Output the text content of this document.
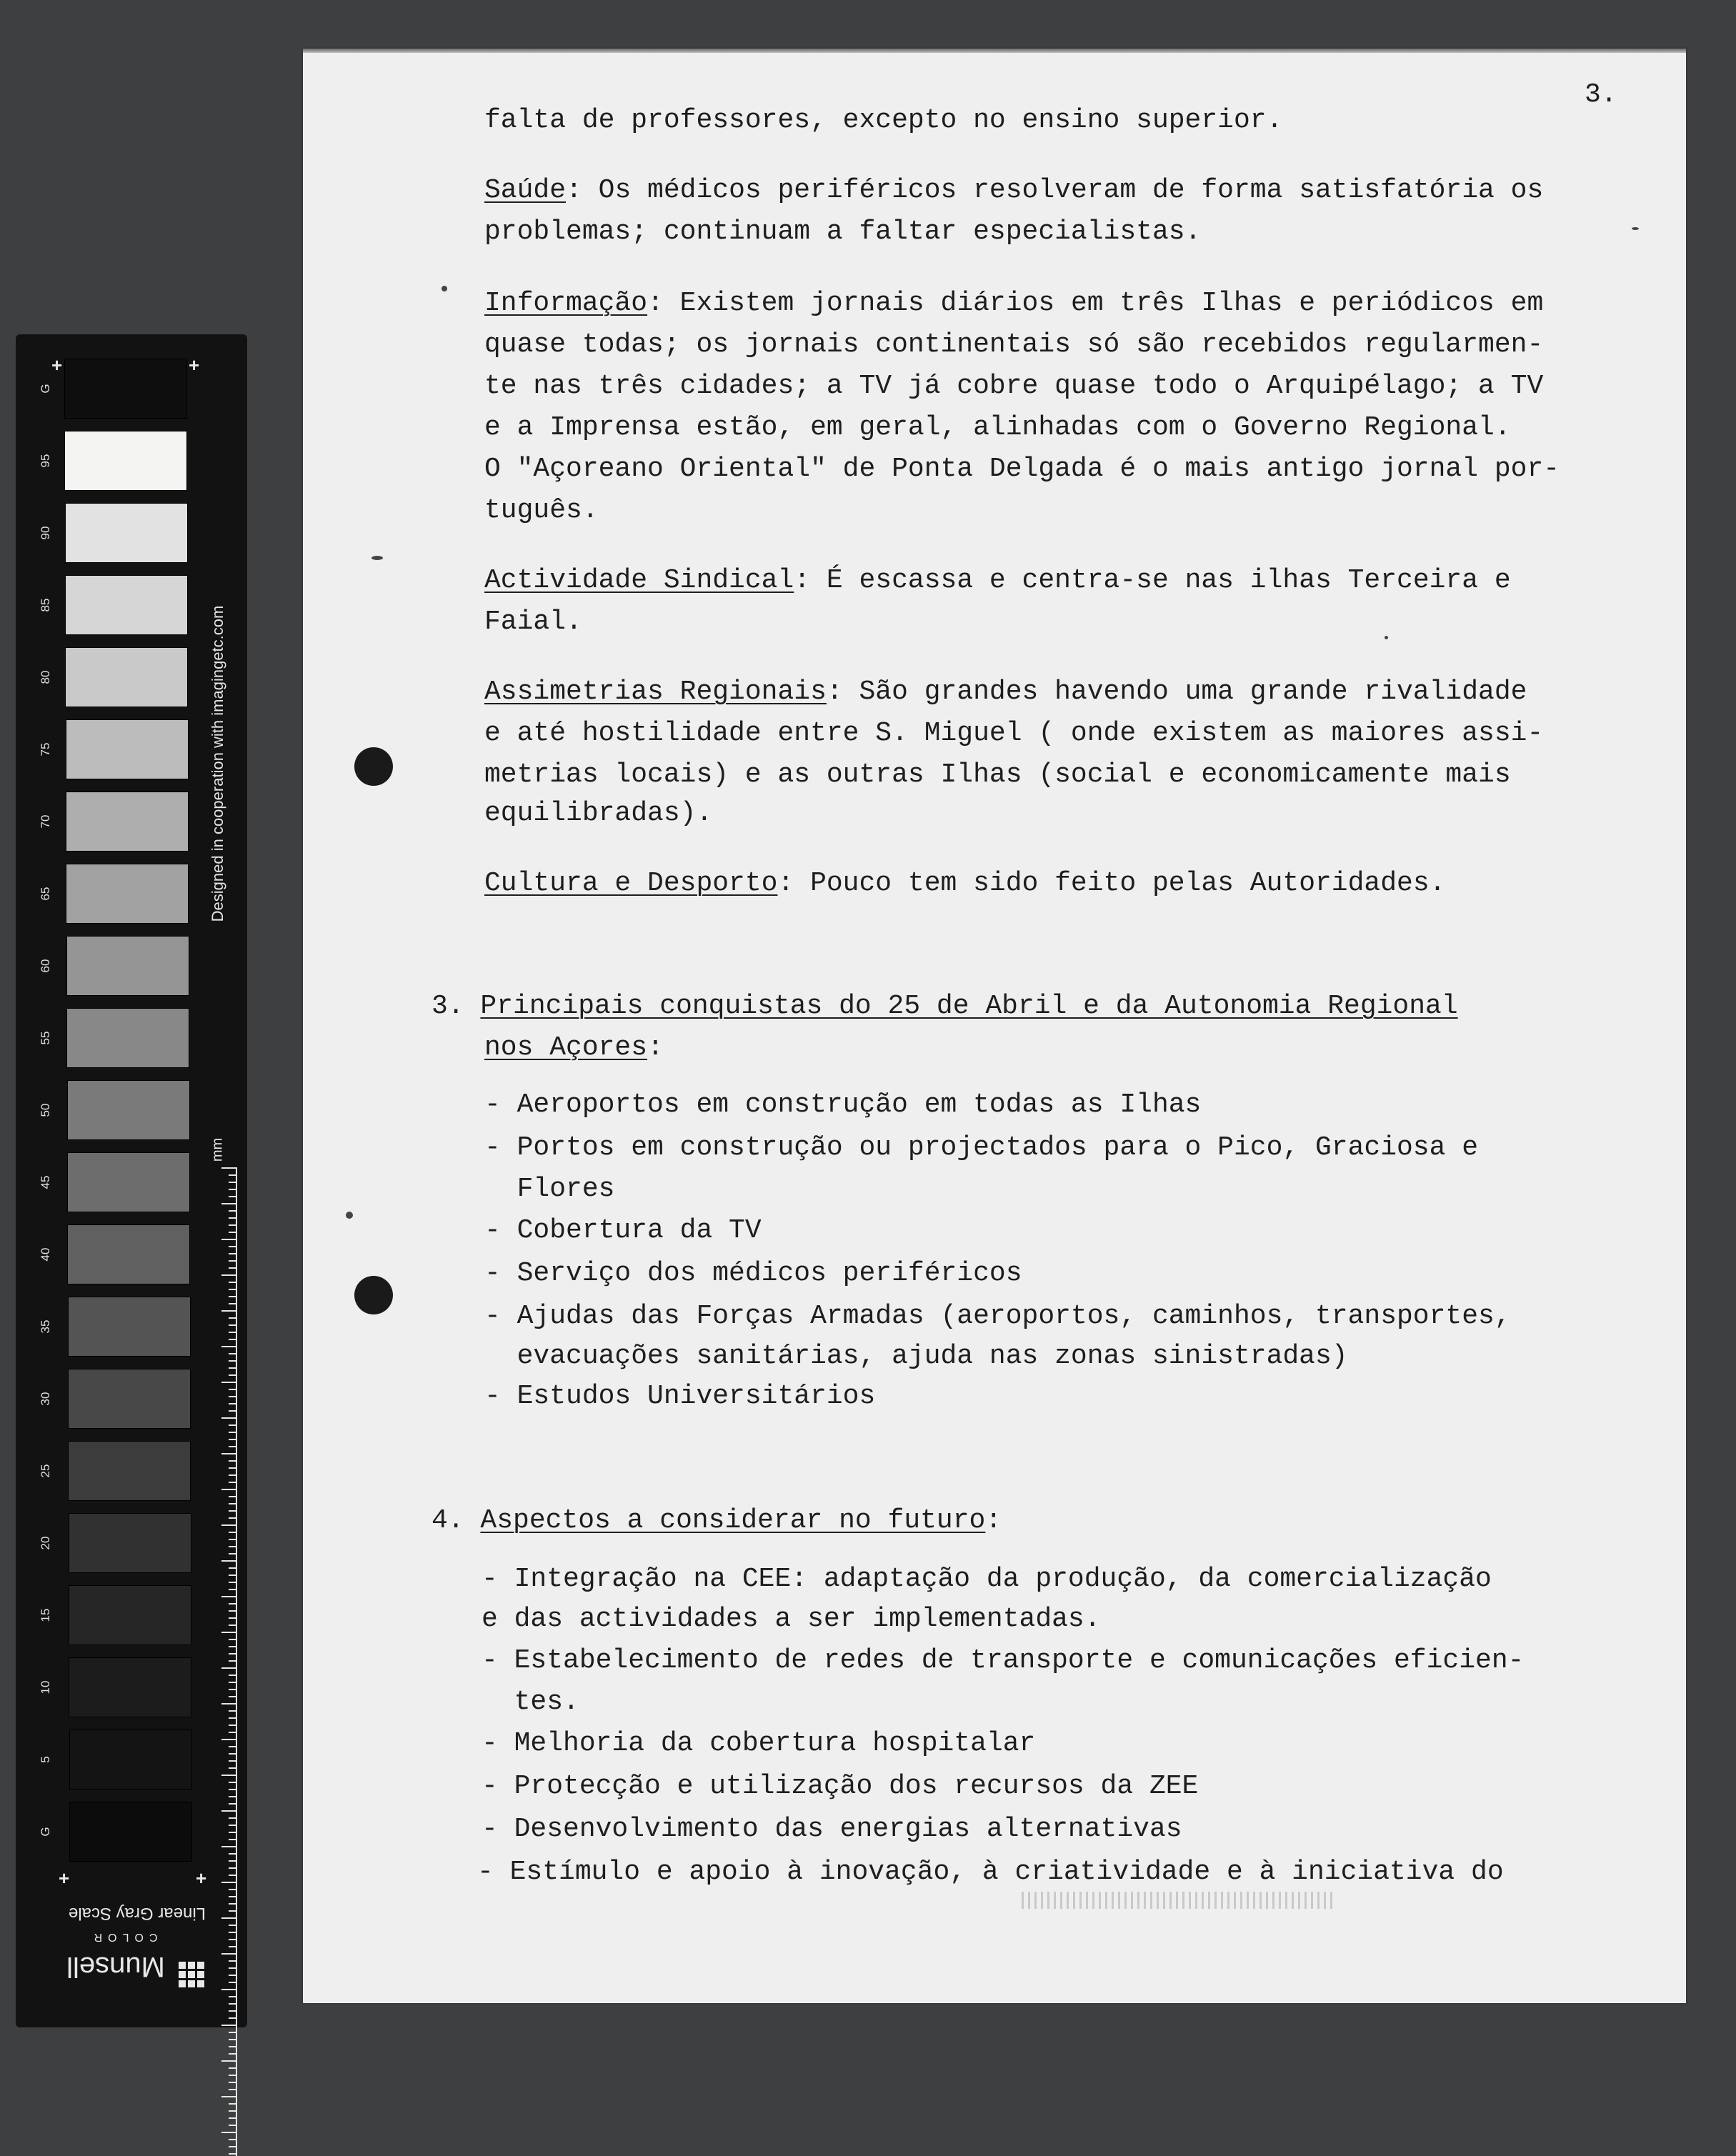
+	+
G
95
90
85
80
75
70
65
60
55
50
45
40
35
30
25
20
15
10
5
G
Designed in cooperation with imagingetc.com
mm
+	+
Linear Gray Scale
COLOR
Munsell
3.
falta de professores, excepto no ensino superior.
Saúde: Os médicos periféricos resolveram de forma satisfatória os
problemas; continuam a faltar especialistas.
Informação: Existem jornais diários em três Ilhas e periódicos em
quase todas; os jornais continentais só são recebidos regularmen-
te nas três cidades; a TV já cobre quase todo o Arquipélago; a TV
e a Imprensa estão, em geral, alinhadas com o Governo Regional.
O "Açoreano Oriental" de Ponta Delgada é o mais antigo jornal por-
tuguês.
Actividade Sindical: É escassa e centra-se nas ilhas Terceira e
Faial.
Assimetrias Regionais: São grandes havendo uma grande rivalidade
e até hostilidade entre S. Miguel ( onde existem as maiores assi-
metrias locais) e as outras Ilhas (social e economicamente mais
equilibradas).
Cultura e Desporto: Pouco tem sido feito pelas Autoridades.
3. Principais conquistas do 25 de Abril e da Autonomia Regional
nos Açores:
- Aeroportos em construção em todas as Ilhas
- Portos em construção ou projectados para o Pico, Graciosa e
Flores
- Cobertura da TV
- Serviço dos médicos periféricos
- Ajudas das Forças Armadas (aeroportos, caminhos, transportes,
evacuações sanitárias, ajuda nas zonas sinistradas)
- Estudos Universitários
4. Aspectos a considerar no futuro:
- Integração na CEE: adaptação da produção, da comercialização
e das actividades a ser implementadas.
- Estabelecimento de redes de transporte e comunicações eficien-
tes.
- Melhoria da cobertura hospitalar
- Protecção e utilização dos recursos da ZEE
- Desenvolvimento das energias alternativas
- Estímulo e apoio à inovação, à criatividade e à iniciativa do
